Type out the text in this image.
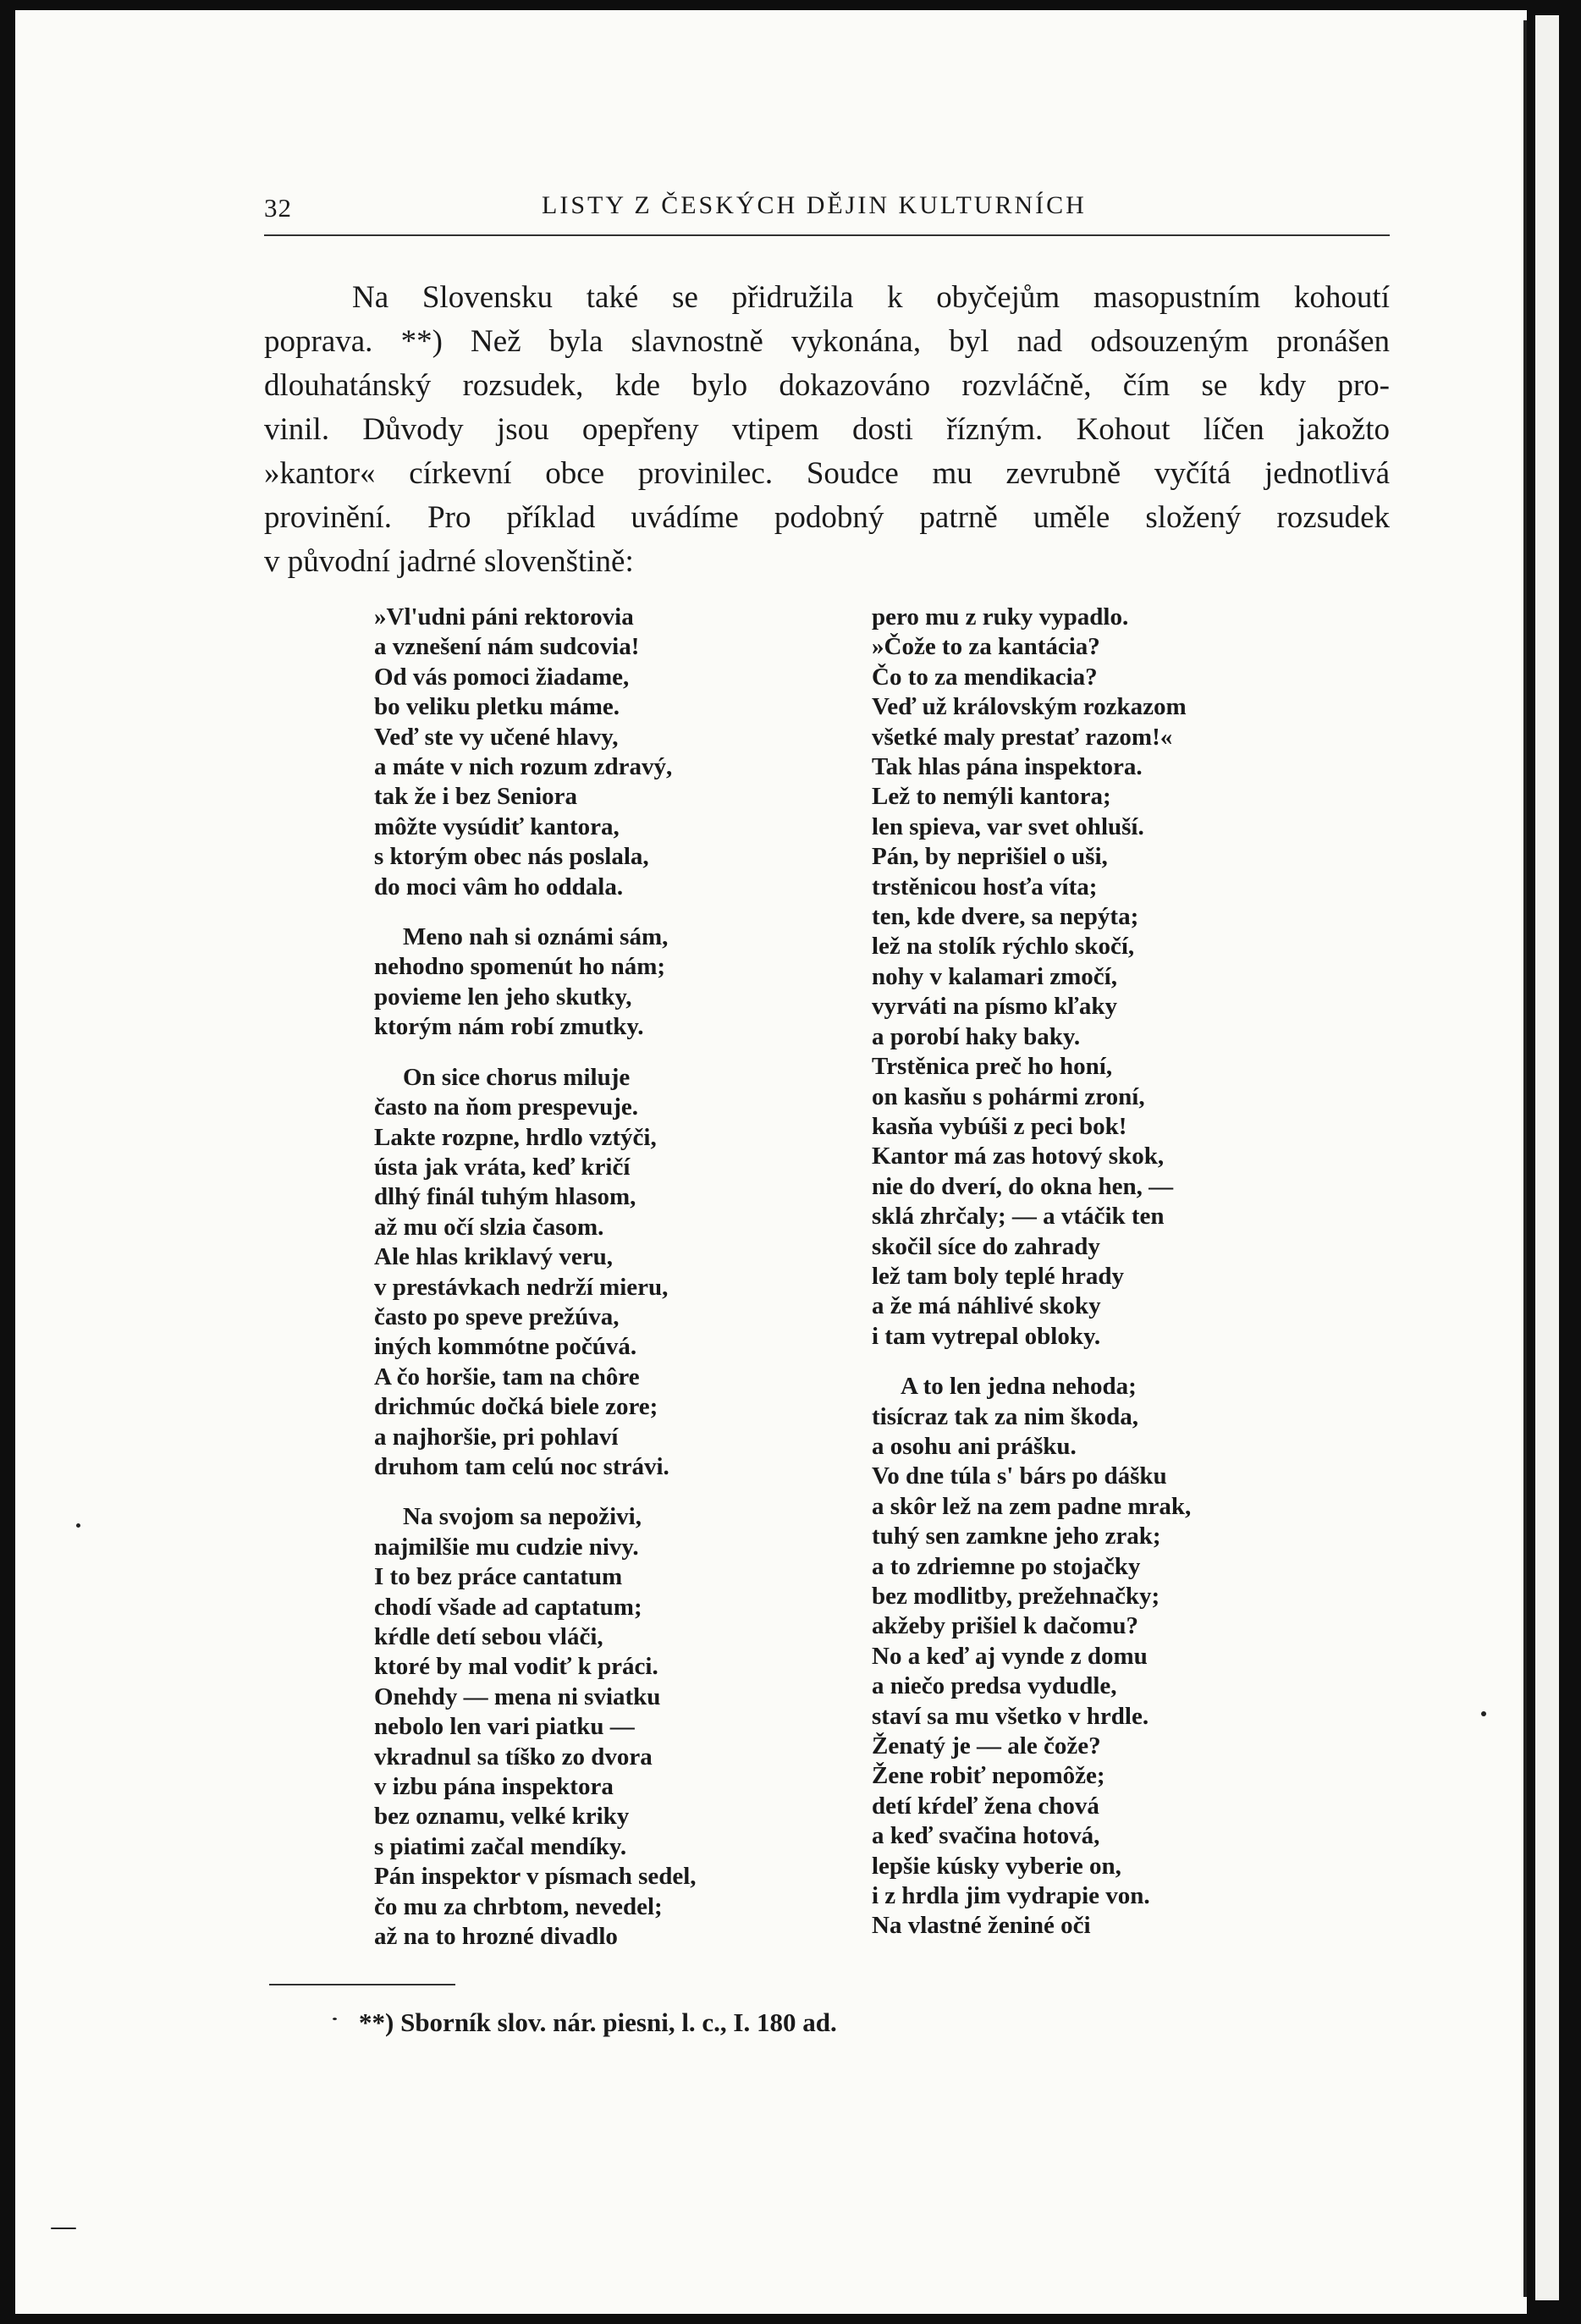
32	LISTY Z ČESKÝCH DĚJIN KULTURNÍCH
Na Slovensku také se přidružila k obyčejům masopustním kohoutí
poprava. **) Než byla slavnostně vykonána, byl nad odsouzeným pronášen
dlouhatánský rozsudek, kde bylo dokazováno rozvláčně, čím se kdy pro-
vinil. Důvody jsou opepřeny vtipem dosti řízným. Kohout líčen jakožto
»kantor« církevní obce provinilec. Soudce mu zevrubně vyčítá jednotlivá
provinění. Pro příklad uvádíme podobný patrně uměle složený rozsudek
v původní jadrné slovenštině:
»Vl'udni páni rektorovia
a vznešení nám sudcovia!
Od vás pomoci žiadame,
bo veliku pletku máme.
Veď ste vy učené hlavy,
a máte v nich rozum zdravý,
tak že i bez Seniora
môžte vysúdiť kantora,
s ktorým obec nás poslala,
do moci vâm ho oddala.
Meno nah si oznámi sám,
nehodno spomenút ho nám;
povieme len jeho skutky,
ktorým nám robí zmutky.
On sice chorus miluje
často na ňom prespevuje.
Lakte rozpne, hrdlo vztýči,
ústa jak vráta, keď kričí
dlhý finál tuhým hlasom,
až mu očí slzia časom.
Ale hlas kriklavý veru,
v prestávkach nedrží mieru,
často po speve prežúva,
iných kommótne počúvá.
A čo horšie, tam na chôre
drichmúc dočká biele zore;
a najhoršie, pri pohlaví
druhom tam celú noc strávi.
Na svojom sa nepoživi,
najmilšie mu cudzie nivy.
I to bez práce cantatum
chodí všade ad captatum;
kŕdle detí sebou vláči,
ktoré by mal vodiť k práci.
Onehdy — mena ni sviatku
nebolo len vari piatku —
vkradnul sa tíško zo dvora
v izbu pána inspektora
bez oznamu, velké kriky
s piatimi začal mendíky.
Pán inspektor v písmach sedel,
čo mu za chrbtom, nevedel;
až na to hrozné divadlo
pero mu z ruky vypadlo.
»Čože to za kantácia?
Čo to za mendikacia?
Veď už královským rozkazom
všetké maly prestať razom!«
Tak hlas pána inspektora.
Lež to nemýli kantora;
len spieva, var svet ohluší.
Pán, by neprišiel o uši,
trstěnicou hosťa víta;
ten, kde dvere, sa nepýta;
lež na stolík rýchlo skočí,
nohy v kalamari zmočí,
vyrváti na písmo kľaky
a porobí haky baky.
Trstěnica preč ho honí,
on kasňu s pohármi zroní,
kasňa vybúši z peci bok!
Kantor má zas hotový skok,
nie do dverí, do okna hen, —
sklá zhrčaly; — a vtáčik ten
skočil síce do zahrady
lež tam boly teplé hrady
a že má náhlivé skoky
i tam vytrepal obloky.
A to len jedna nehoda;
tisícraz tak za nim škoda,
a osohu ani prášku.
Vo dne túla s' bárs po dášku
a skôr lež na zem padne mrak,
tuhý sen zamkne jeho zrak;
a to zdriemne po stojačky
bez modlitby, prežehnačky;
akžeby prišiel k dačomu?
No a keď aj vynde z domu
a niečo predsa vydudle,
staví sa mu všetko v hrdle.
Ženatý je — ale čože?
Žene robiť nepomôže;
detí kŕdeľ žena chová
a keď svačina hotová,
lepšie kúsky vyberie on,
i z hrdla jim vydrapie von.
Na vlastné ženiné oči
**) Sborník slov. nár. piesni, l. c., I. 180 ad.
